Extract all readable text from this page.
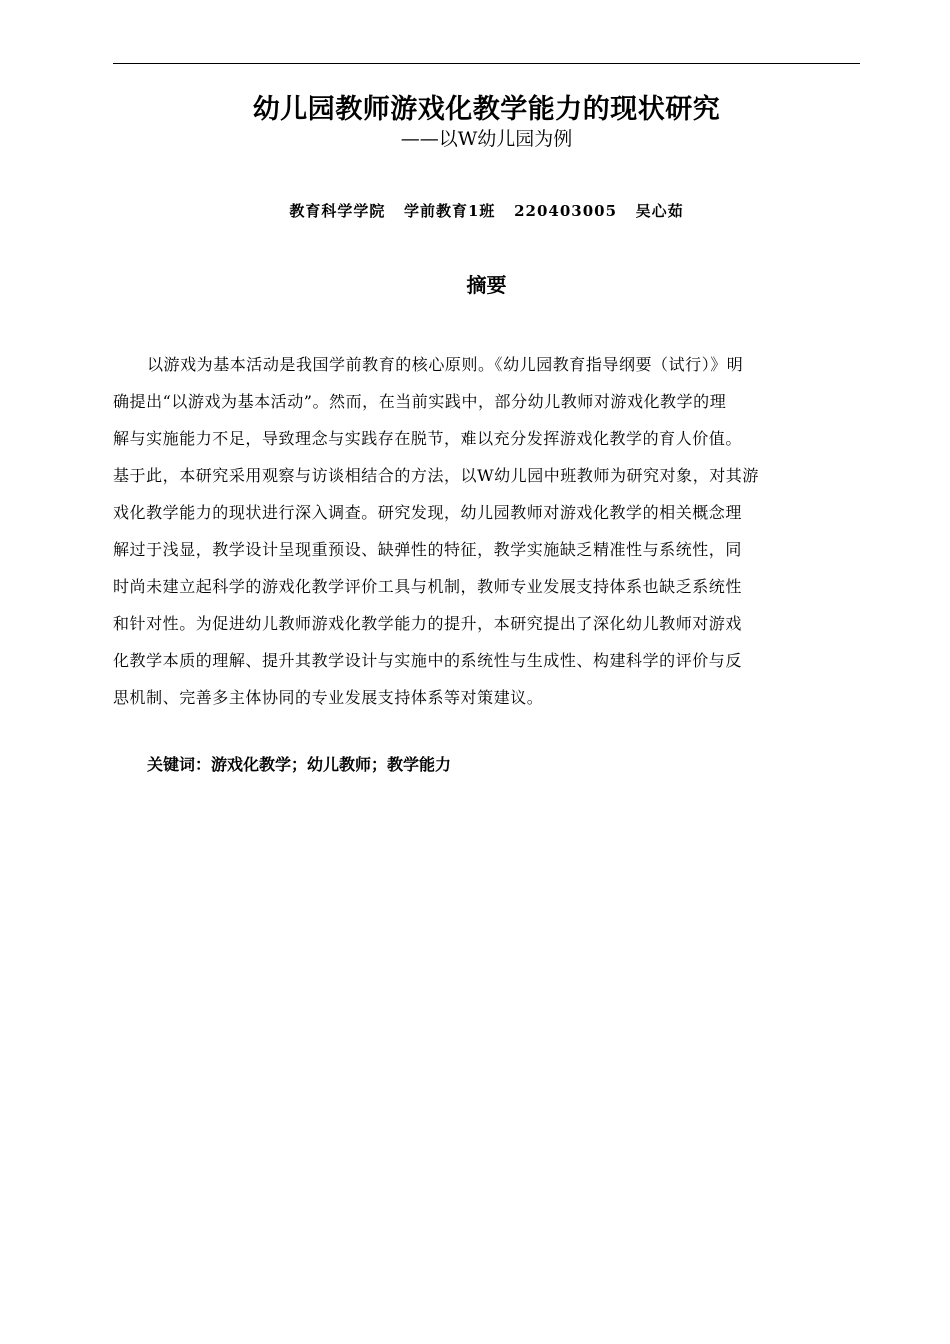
幼儿园教师游戏化教学能力的现状研究
——以W幼儿园为例
教育科学学院   学前教育1班   220403005   吴心茹
摘要
以游戏为基本活动是我国学前教育的核心原则。《幼儿园教育指导纲要（试行）》明
确提出“以游戏为基本活动”。然而，在当前实践中，部分幼儿教师对游戏化教学的理
解与实施能力不足，导致理念与实践存在脱节，难以充分发挥游戏化教学的育人价值。
基于此，本研究采用观察与访谈相结合的方法，以W幼儿园中班教师为研究对象，对其游
戏化教学能力的现状进行深入调查。研究发现，幼儿园教师对游戏化教学的相关概念理
解过于浅显，教学设计呈现重预设、缺弹性的特征，教学实施缺乏精准性与系统性，同
时尚未建立起科学的游戏化教学评价工具与机制，教师专业发展支持体系也缺乏系统性
和针对性。为促进幼儿教师游戏化教学能力的提升，本研究提出了深化幼儿教师对游戏
化教学本质的理解、提升其教学设计与实施中的系统性与生成性、构建科学的评价与反
思机制、完善多主体协同的专业发展支持体系等对策建议。
关键词：游戏化教学；幼儿教师；教学能力
